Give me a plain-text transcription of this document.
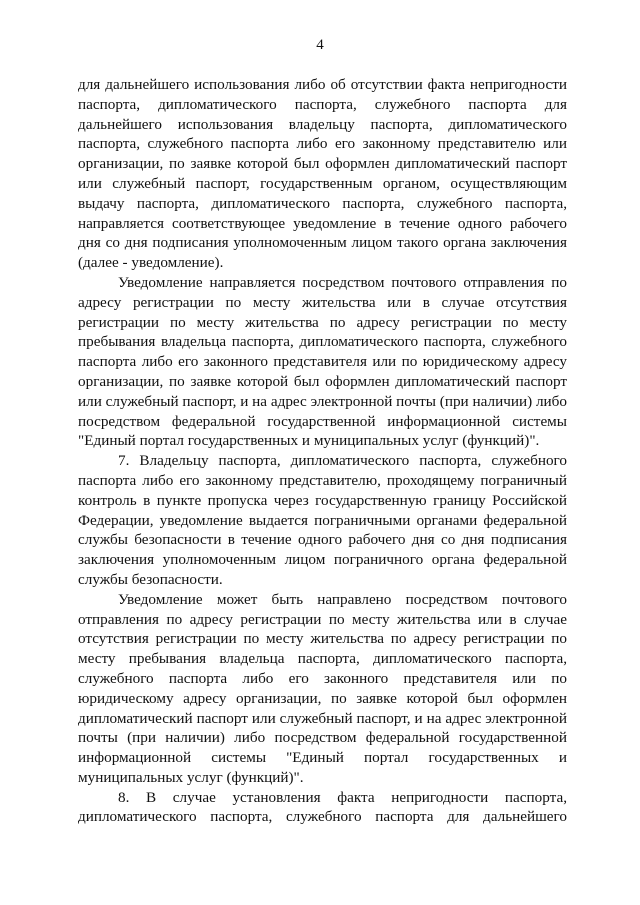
4

для дальнейшего использования либо об отсутствии факта непригодности паспорта, дипломатического паспорта, служебного паспорта для дальнейшего использования владельцу паспорта, дипломатического паспорта, служебного паспорта либо его законному представителю или организации, по заявке которой был оформлен дипломатический паспорт или служебный паспорт, государственным органом, осуществляющим выдачу паспорта, дипломатического паспорта, служебного паспорта, направляется соответствующее уведомление в течение одного рабочего дня со дня подписания уполномоченным лицом такого органа заключения (далее - уведомление).

Уведомление направляется посредством почтового отправления по адресу регистрации по месту жительства или в случае отсутствия регистрации по месту жительства по адресу регистрации по месту пребывания владельца паспорта, дипломатического паспорта, служебного паспорта либо его законного представителя или по юридическому адресу организации, по заявке которой был оформлен дипломатический паспорт или служебный паспорт, и на адрес электронной почты (при наличии) либо посредством федеральной государственной информационной системы "Единый портал государственных и муниципальных услуг (функций)".

7. Владельцу паспорта, дипломатического паспорта, служебного паспорта либо его законному представителю, проходящему пограничный контроль в пункте пропуска через государственную границу Российской Федерации, уведомление выдается пограничными органами федеральной службы безопасности в течение одного рабочего дня со дня подписания заключения уполномоченным лицом пограничного органа федеральной службы безопасности.

Уведомление может быть направлено посредством почтового отправления по адресу регистрации по месту жительства или в случае отсутствия регистрации по месту жительства по адресу регистрации по месту пребывания владельца паспорта, дипломатического паспорта, служебного паспорта либо его законного представителя или по юридическому адресу организации, по заявке которой был оформлен дипломатический паспорт или служебный паспорт, и на адрес электронной почты (при наличии) либо посредством федеральной государственной информационной системы "Единый портал государственных и муниципальных услуг (функций)".

8. В случае установления факта непригодности паспорта, дипломатического паспорта, служебного паспорта для дальнейшего
